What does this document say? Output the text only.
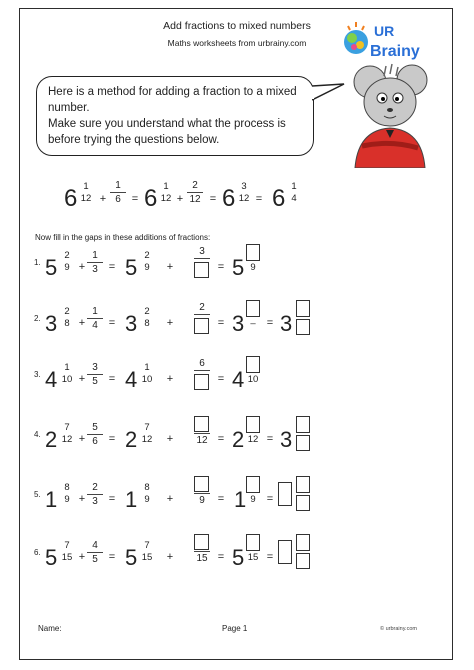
Add fractions to mixed numbers
Maths worksheets from urbrainy.com
UR
Brainy
Here is a method for adding a fraction to a mixed
number.
Make sure you understand what the process is
before trying the questions below.
6 1
12 +
1
6	= 6 1
12 +
2
12 = 6 3
12 = 6 1
4
Now fill in the gaps in these additions of fractions:
1. 5 2
9 +
1
3	= 5 2
9	+
3
= 5 9
2. 3 2
8 +
1
4	= 3 2
8	+
2
= 3 –	= 3
3. 4 1
10 +
3
5	= 4 1
10	+
6
= 4 10
4. 2 7
12 +
5
6	= 2 7
12	+	12 = 2 12 = 3
5. 1 8
9 +
2
3	= 1 8
9	+	9	= 1 9	=
6. 5 7
15 +
4
5	= 5 7
15	+	15 = 5 15 =
Name:	Page 1	© urbrainy.com
